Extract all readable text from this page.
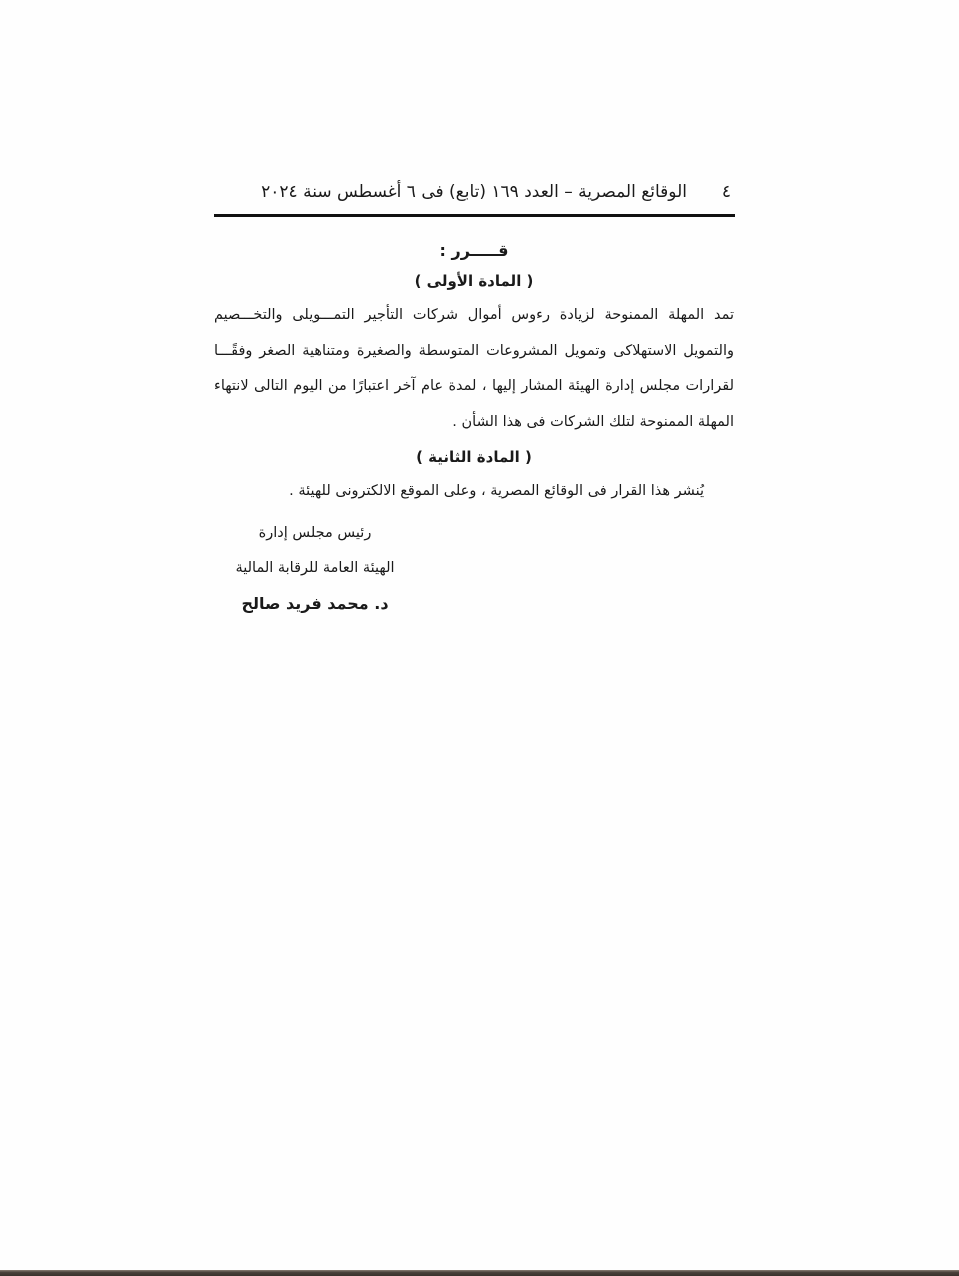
٤
الوقائع المصرية – العدد ١٦٩ (تابع) فى ٦ أغسطس سنة ٢٠٢٤
قـــــرر :
( المادة الأولى )
تمد المهلة الممنوحة لزيادة رءوس أموال شركات التأجير التمـــويلى والتخـــصيم
والتمويل الاستهلاكى وتمويل المشروعات المتوسطة والصغيرة ومتناهية الصغر وفقًـــا
لقرارات مجلس إدارة الهيئة المشار إليها ، لمدة عام آخر اعتبارًا من اليوم التالى لانتهاء
المهلة الممنوحة لتلك الشركات فى هذا الشأن .
( المادة الثانية )
يُنشر هذا القرار فى الوقائع المصرية ، وعلى الموقع الالكترونى للهيئة .
رئيس مجلس إدارة
الهيئة العامة للرقابة المالية
د. محمد فريد صالح
